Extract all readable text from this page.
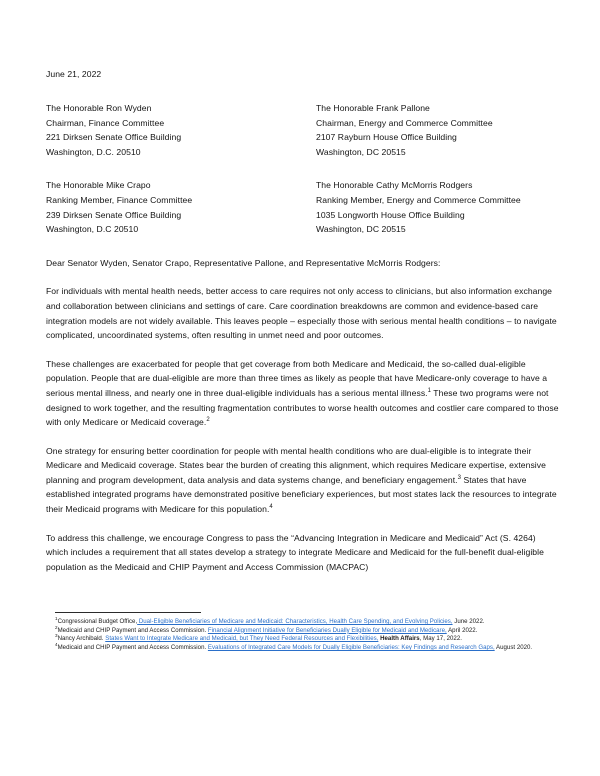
June 21, 2022
The Honorable Ron Wyden
Chairman, Finance Committee
221 Dirksen Senate Office Building
Washington, D.C. 20510
The Honorable Frank Pallone
Chairman, Energy and Commerce Committee
2107 Rayburn House Office Building
Washington, DC 20515
The Honorable Mike Crapo
Ranking Member, Finance Committee
239 Dirksen Senate Office Building
Washington, D.C 20510
The Honorable Cathy McMorris Rodgers
Ranking Member, Energy and Commerce Committee
1035 Longworth House Office Building
Washington, DC 20515
Dear Senator Wyden, Senator Crapo, Representative Pallone, and Representative McMorris Rodgers:
For individuals with mental health needs, better access to care requires not only access to clinicians, but also information exchange and collaboration between clinicians and settings of care. Care coordination breakdowns are common and evidence-based care integration models are not widely available. This leaves people – especially those with serious mental health conditions – to navigate complicated, uncoordinated systems, often resulting in unmet need and poor outcomes.
These challenges are exacerbated for people that get coverage from both Medicare and Medicaid, the so-called dual-eligible population. People that are dual-eligible are more than three times as likely as people that have Medicare-only coverage to have a serious mental illness, and nearly one in three dual-eligible individuals has a serious mental illness.$^1$ These two programs were not designed to work together, and the resulting fragmentation contributes to worse health outcomes and costlier care compared to those with only Medicare or Medicaid coverage.$^2$
One strategy for ensuring better coordination for people with mental health conditions who are dual-eligible is to integrate their Medicare and Medicaid coverage. States bear the burden of creating this alignment, which requires Medicare expertise, extensive planning and program development, data analysis and data systems change, and beneficiary engagement.$^3$ States that have established integrated programs have demonstrated positive beneficiary experiences, but most states lack the resources to integrate their Medicaid programs with Medicare for this population.$^4$
To address this challenge, we encourage Congress to pass the “Advancing Integration in Medicare and Medicaid” Act (S. 4264) which includes a requirement that all states develop a strategy to integrate Medicare and Medicaid for the full-benefit dual-eligible population as the Medicaid and CHIP Payment and Access Commission (MACPAC)
$^1$Congressional Budget Office, Dual-Eligible Beneficiaries of Medicare and Medicaid: Characteristics, Health Care Spending, and Evolving Policies, June 2022.
$^2$Medicaid and CHIP Payment and Access Commission. Financial Alignment Initiative for Beneficiaries Dually Eligible for Medicaid and Medicare, April 2022.
$^3$Nancy Archibald. States Want to Integrate Medicare and Medicaid, but They Need Federal Resources and Flexibilities, Health Affairs, May 17, 2022.
$^4$Medicaid and CHIP Payment and Access Commission. Evaluations of Integrated Care Models for Dually Eligible Beneficiaries: Key Findings and Research Gaps, August 2020.
